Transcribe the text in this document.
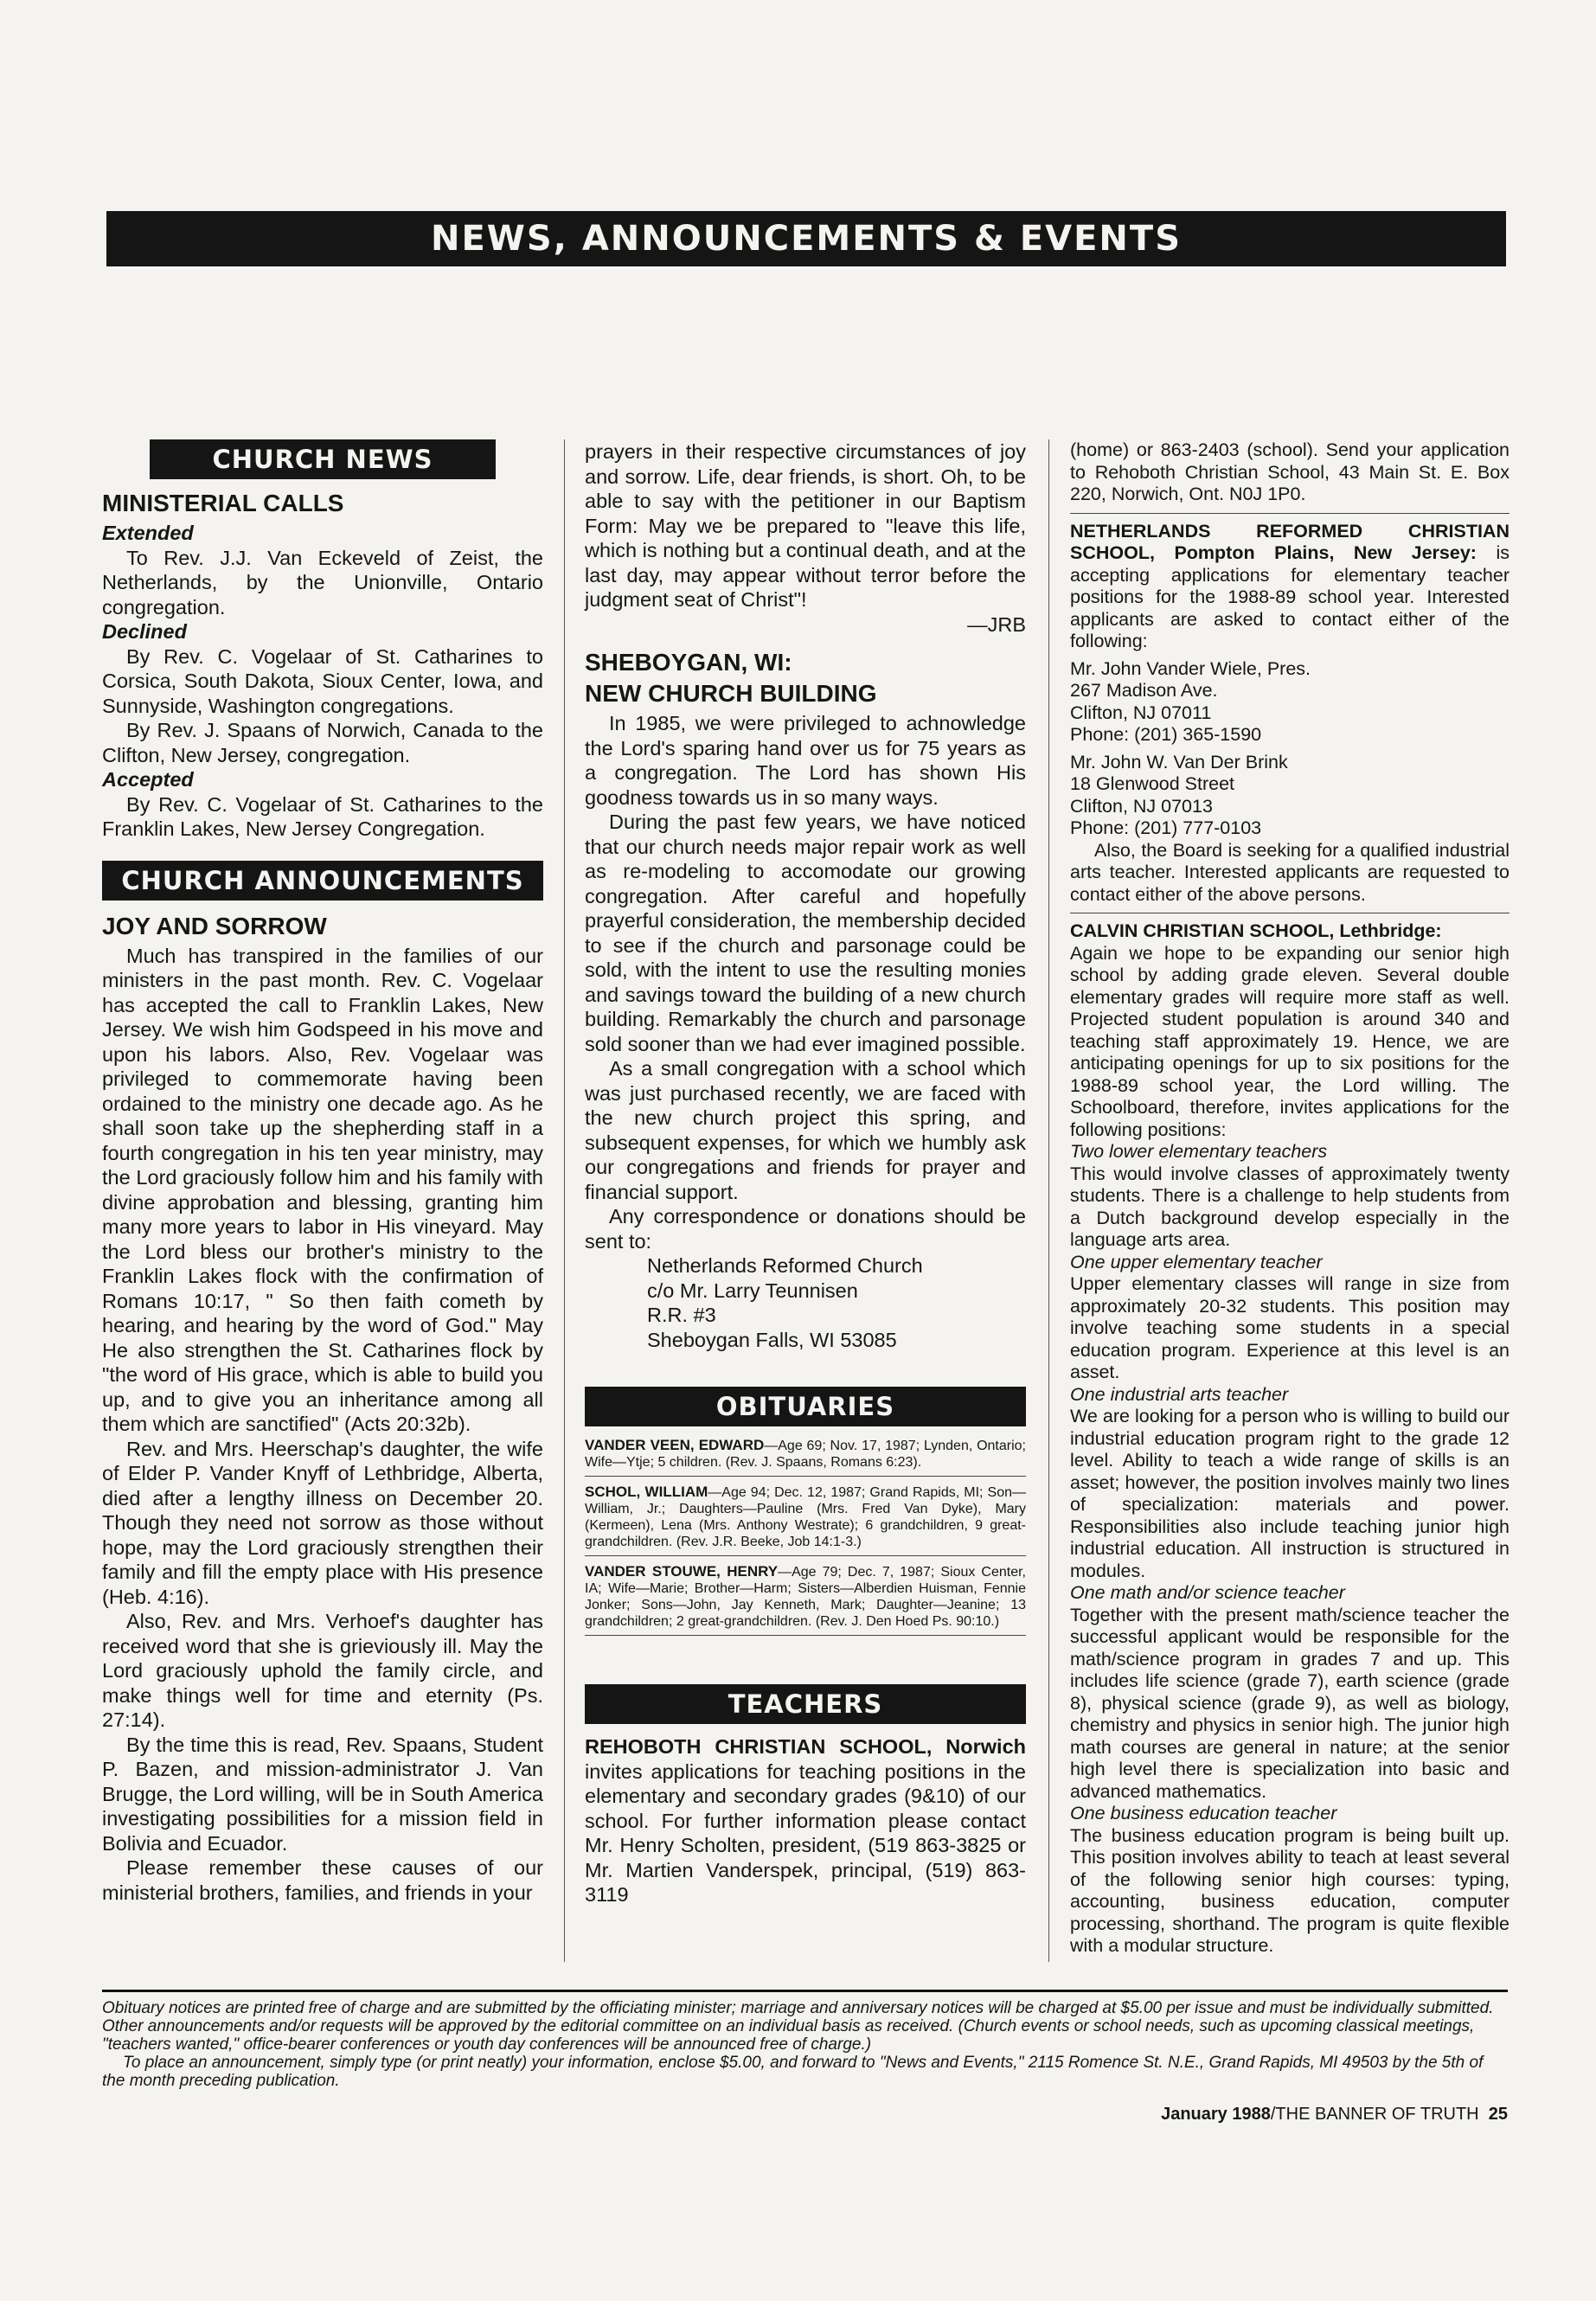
NEWS, ANNOUNCEMENTS & EVENTS
CHURCH NEWS

MINISTERIAL CALLS

Extended

To Rev. J.J. Van Eckeveld of Zeist, the Netherlands, by the Unionville, Ontario congregation.

Declined

By Rev. C. Vogelaar of St. Catharines to Corsica, South Dakota, Sioux Center, Iowa, and Sunnyside, Washington congregations.

By Rev. J. Spaans of Norwich, Canada to the Clifton, New Jersey, congregation.

Accepted

By Rev. C. Vogelaar of St. Catharines to the Franklin Lakes, New Jersey Congregation.

CHURCH ANNOUNCEMENTS

JOY AND SORROW

Much has transpired in the families of our ministers in the past month. Rev. C. Vogelaar has accepted the call to Franklin Lakes, New Jersey. We wish him Godspeed in his move and upon his labors. Also, Rev. Vogelaar was privileged to commemorate having been ordained to the ministry one decade ago. As he shall soon take up the shepherding staff in a fourth congregation in his ten year ministry, may the Lord graciously follow him and his family with divine approbation and blessing, granting him many more years to labor in His vineyard. May the Lord bless our brother's ministry to the Franklin Lakes flock with the confirmation of Romans 10:17, " So then faith cometh by hearing, and hearing by the word of God." May He also strengthen the St. Catharines flock by "the word of His grace, which is able to build you up, and to give you an inheritance among all them which are sanctified" (Acts 20:32b).

Rev. and Mrs. Heerschap's daughter, the wife of Elder P. Vander Knyff of Lethbridge, Alberta, died after a lengthy illness on December 20. Though they need not sorrow as those without hope, may the Lord graciously strengthen their family and fill the empty place with His presence (Heb. 4:16).

Also, Rev. and Mrs. Verhoef's daughter has received word that she is grieviously ill. May the Lord graciously uphold the family circle, and make things well for time and eternity (Ps. 27:14).

By the time this is read, Rev. Spaans, Student P. Bazen, and mission-administrator J. Van Brugge, the Lord willing, will be in South America investigating possibilities for a mission field in Bolivia and Ecuador.

Please remember these causes of our ministerial brothers, families, and friends in your

prayers in their respective circumstances of joy and sorrow. Life, dear friends, is short. Oh, to be able to say with the petitioner in our Baptism Form: May we be prepared to "leave this life, which is nothing but a continual death, and at the last day, may appear without terror before the judgment seat of Christ"!

—JRB

SHEBOYGAN, WI:

NEW CHURCH BUILDING

In 1985, we were privileged to achnowledge the Lord's sparing hand over us for 75 years as a congregation. The Lord has shown His goodness towards us in so many ways.

During the past few years, we have noticed that our church needs major repair work as well as re-modeling to accomodate our growing congregation. After careful and hopefully prayerful consideration, the membership decided to see if the church and parsonage could be sold, with the intent to use the resulting monies and savings toward the building of a new church building. Remarkably the church and parsonage sold sooner than we had ever imagined possible.

As a small congregation with a school which was just purchased recently, we are faced with the new church project this spring, and subsequent expenses, for which we humbly ask our congregations and friends for prayer and financial support.

Any correspondence or donations should be sent to:

Netherlands Reformed Church

c/o Mr. Larry Teunnisen

R.R. #3

Sheboygan Falls, WI 53085

OBITUARIES
VANDER VEEN, EDWARD—Age 69; Nov. 17, 1987; Lynden, Ontario; Wife—Ytje; 5 children. (Rev. J. Spaans, Romans 6:23).
SCHOL, WILLIAM—Age 94; Dec. 12, 1987; Grand Rapids, MI; Son—William, Jr.; Daughters—Pauline (Mrs. Fred Van Dyke), Mary (Kermeen), Lena (Mrs. Anthony Westrate); 6 grandchildren, 9 great-grandchildren. (Rev. J.R. Beeke, Job 14:1-3.)
VANDER STOUWE, HENRY—Age 79; Dec. 7, 1987; Sioux Center, IA; Wife—Marie; Brother—Harm; Sisters—Alberdien Huisman, Fennie Jonker; Sons—John, Jay Kenneth, Mark; Daughter—Jeanine; 13 grandchildren; 2 great-grandchildren. (Rev. J. Den Hoed Ps. 90:10.)
TEACHERS

REHOBOTH CHRISTIAN SCHOOL, Norwich invites applications for teaching positions in the elementary and secondary grades (9&10) of our school. For further information please contact Mr. Henry Scholten, president, (519 863-3825 or Mr. Martien Vanderspek, principal, (519) 863-3119

(home) or 863-2403 (school). Send your application to Rehoboth Christian School, 43 Main St. E. Box 220, Norwich, Ont. N0J 1P0.

NETHERLANDS REFORMED CHRISTIAN SCHOOL, Pompton Plains, New Jersey: is accepting applications for elementary teacher positions for the 1988-89 school year. Interested applicants are asked to contact either of the following:

Mr. John Vander Wiele, Pres.

267 Madison Ave.

Clifton, NJ 07011

Phone: (201) 365-1590

Mr. John W. Van Der Brink

18 Glenwood Street

Clifton, NJ 07013

Phone: (201) 777-0103

Also, the Board is seeking for a qualified industrial arts teacher. Interested applicants are requested to contact either of the above persons.

CALVIN CHRISTIAN SCHOOL, Lethbridge:

Again we hope to be expanding our senior high school by adding grade eleven. Several double elementary grades will require more staff as well. Projected student population is around 340 and teaching staff approximately 19. Hence, we are anticipating openings for up to six positions for the 1988-89 school year, the Lord willing. The Schoolboard, therefore, invites applications for the following positions:

Two lower elementary teachers

This would involve classes of approximately twenty students. There is a challenge to help students from a Dutch background develop especially in the language arts area.

One upper elementary teacher

Upper elementary classes will range in size from approximately 20-32 students. This position may involve teaching some students in a special education program. Experience at this level is an asset.

One industrial arts teacher

We are looking for a person who is willing to build our industrial education program right to the grade 12 level. Ability to teach a wide range of skills is an asset; however, the position involves mainly two lines of specialization: materials and power. Responsibilities also include teaching junior high industrial education. All instruction is structured in modules.

One math and/or science teacher

Together with the present math/science teacher the successful applicant would be responsible for the math/science program in grades 7 and up. This includes life science (grade 7), earth science (grade 8), physical science (grade 9), as well as biology, chemistry and physics in senior high. The junior high math courses are general in nature; at the senior high level there is specialization into basic and advanced mathematics.

One business education teacher

The business education program is being built up. This position involves ability to teach at least several of the following senior high courses: typing, accounting, business education, computer processing, shorthand. The program is quite flexible with a modular structure.

Obituary notices are printed free of charge and are submitted by the officiating minister; marriage and anniversary notices will be charged at $5.00 per issue and must be individually submitted. Other announcements and/or requests will be approved by the editorial committee on an individual basis as received. (Church events or school needs, such as upcoming classical meetings, "teachers wanted," office-bearer conferences or youth day conferences will be announced free of charge.)

To place an announcement, simply type (or print neatly) your information, enclose $5.00, and forward to "News and Events," 2115 Romence St. N.E., Grand Rapids, MI 49503 by the 5th of the month preceding publication.

January 1988/THE BANNER OF TRUTH 25
